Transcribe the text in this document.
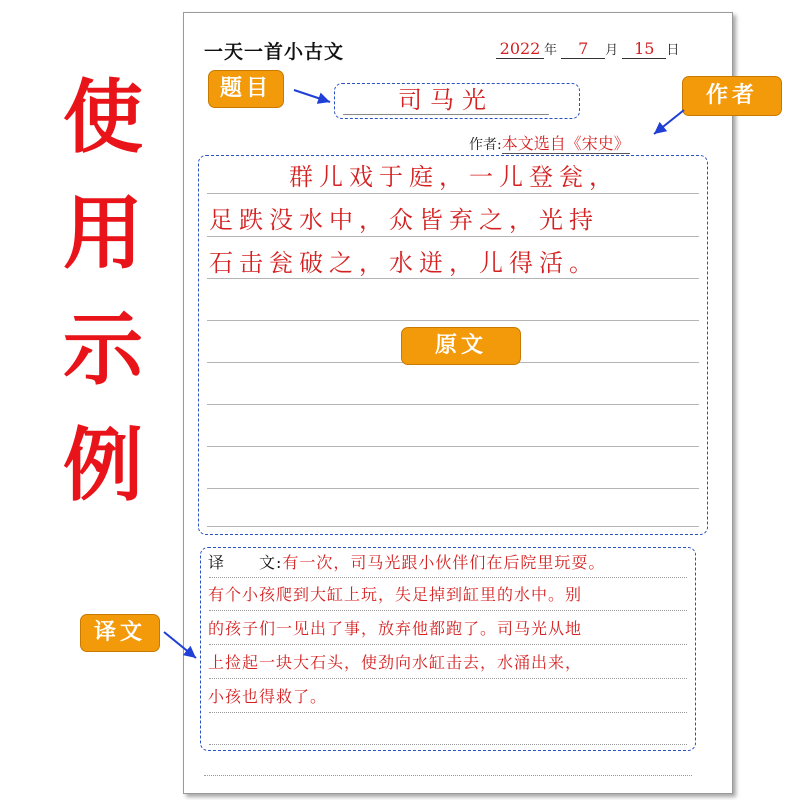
使
用
示
例
一天一首小古文	2022 年 7 月 15 日
司马光
作者:本文选自《宋史》
群儿戏于庭，一儿登瓮，
足跌没水中，众皆弃之，光持
石击瓮破之，水迸，儿得活。
译　　文:有一次，司马光跟小伙伴们在后院里玩耍。
有个小孩爬到大缸上玩，失足掉到缸里的水中。别
的孩子们一见出了事，放弃他都跑了。司马光从地
上捡起一块大石头，使劲向水缸击去，水涌出来，
小孩也得救了。
题目	作者
原文
译文
